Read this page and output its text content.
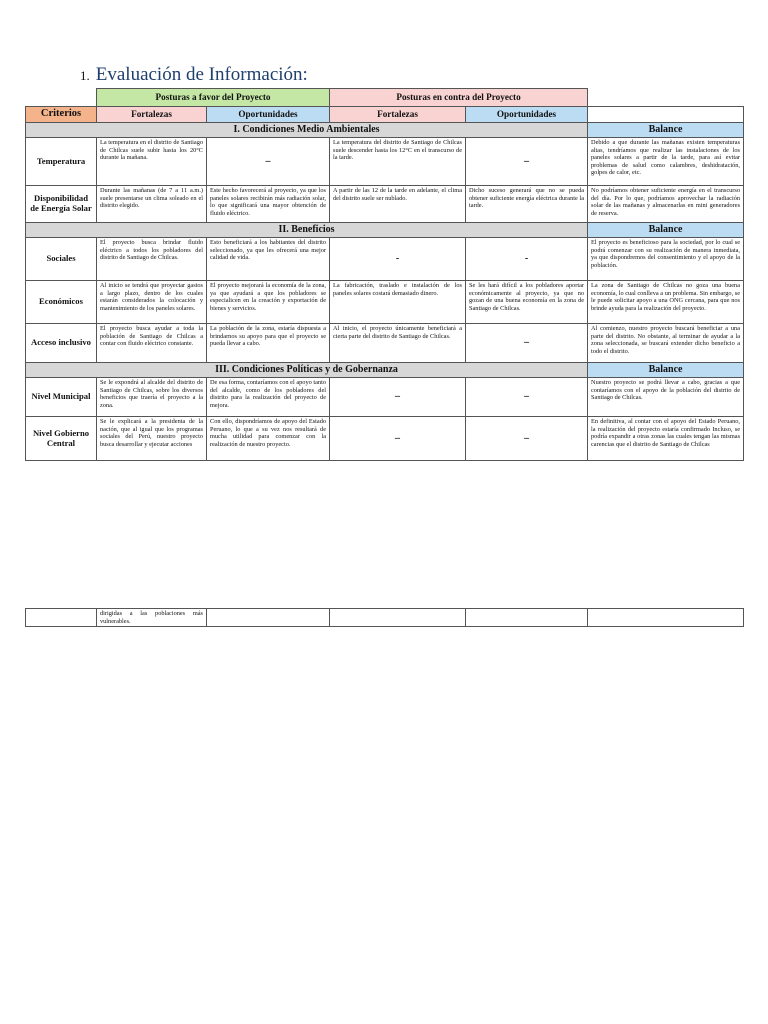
1. Evaluación de Información:
	Posturas a favor del Proyecto		Posturas en contra del Proyecto		
Criterios	Fortalezas	Oportunidades	Fortalezas	Oportunidades	
I. Condiciones Medio Ambientales					Balance
Temperatura	La temperatura en el distrito de Santiago de Chilcas suele subir hasta los 20°C durante la mañana.	–	La temperatura del distrito de Santiago de Chilcas suele descender hasta los 12°C en el transcurso de la tarde.	–	Debido a que durante las mañanas existen temperaturas altas, tendríamos que realizar las instalaciones de los paneles solares a partir de la tarde, para así evitar problemas de salud como calambres, deshidratación, golpes de calor, etc.
Disponibilidad de Energía Solar	Durante las mañanas (de 7 a 11 a.m.) suele presentarse un clima soleado en el distrito elegido.	Este hecho favorecerá al proyecto, ya que los paneles solares recibirán más radiación solar, lo que significará una mayor obtención de fluido eléctrico.	A partir de las 12 de la tarde en adelante, el clima del distrito suele ser nublado.	Dicho suceso generará que no se pueda obtener suficiente energía eléctrica durante la tarde.	No podríamos obtener suficiente energía en el transcurso del día. Por lo que, podríamos aprovechar la radiación solar de las mañanas y almacenarlas en mini generadores de reserva.
II. Beneficios					Balance
Sociales	El proyecto busca brindar fluido eléctrico a todos los pobladores del distrito de Santiago de Chilcas.	Esto beneficiará a los habitantes del distrito seleccionado, ya que les ofrecerá una mejor calidad de vida.	-	-	El proyecto es beneficioso para la sociedad, por lo cual se podrá comenzar con su realización de manera inmediata, ya que dispondremos del consentimiento y el apoyo de la población.
Económicos	Al inicio se tendrá que proyectar gastos a largo plazo, dentro de los cuales estarán considerados la colocación y mantenimiento de los paneles solares.	El proyecto mejorará la economía de la zona, ya que ayudará a que los pobladores se especialicen en la creación y exportación de bienes y servicios.	La fabricación, traslado e instalación de los paneles solares costará demasiado dinero.	Se les hará difícil a los pobladores aportar económicamente al proyecto, ya que no gozan de una buena economía en la zona de Santiago de Chilcas.	La zona de Santiago de Chilcas no goza una buena economía, lo cual conlleva a un problema. Sin embargo, se le puede solicitar apoyo a una ONG cercana, para que nos brinde ayuda para la realización del proyecto.
Acceso inclusivo	El proyecto busca ayudar a toda la población de Santiago de Chilcas a contar con fluido eléctrico constante.	La población de la zona, estaría dispuesta a brindarnos su apoyo para que el proyecto se pueda llevar a cabo.	Al inicio, el proyecto únicamente beneficiará a cierta parte del distrito de Santiago de Chilcas.	–	Al comienzo, nuestro proyecto buscará beneficiar a una parte del distrito. No obstante, al terminar de ayudar a la zona seleccionada, se buscará extender dicho beneficio a todo el distrito.
III. Condiciones Políticas y de Gobernanza					Balance
Nivel Municipal	Se le expondrá al alcalde del distrito de Santiago de Chilcas, sobre los diversos beneficios que traería el proyecto a la zona.	De esa forma, contaríamos con el apoyo tanto del alcalde, como de los pobladores del distrito para la realización del proyecto de mejora.	–	–	Nuestro proyecto se podrá llevar a cabo, gracias a que contaríamos con el apoyo de la población del distrito de Santiago de Chilcas.
Nivel Gobierno Central	Se le explicará a la presidenta de la nación, que al igual que los programas sociales del Perú, nuestro proyecto busca desarrollar y ejecutar acciones	Con ello, dispondríamos de apoyo del Estado Peruano, lo que a su vez nos resultará de mucha utilidad para comenzar con la realización de nuestro proyecto.	–	–	En definitiva, al contar con el apoyo del Estado Peruano, la realización del proyecto estaría confirmado Incluso, se podría expandir a otras zonas las cuales tengan las mismas carencias que el distrito de Santiago de Chilcas
	dirigidas a las poblaciones más vulnerables.				
